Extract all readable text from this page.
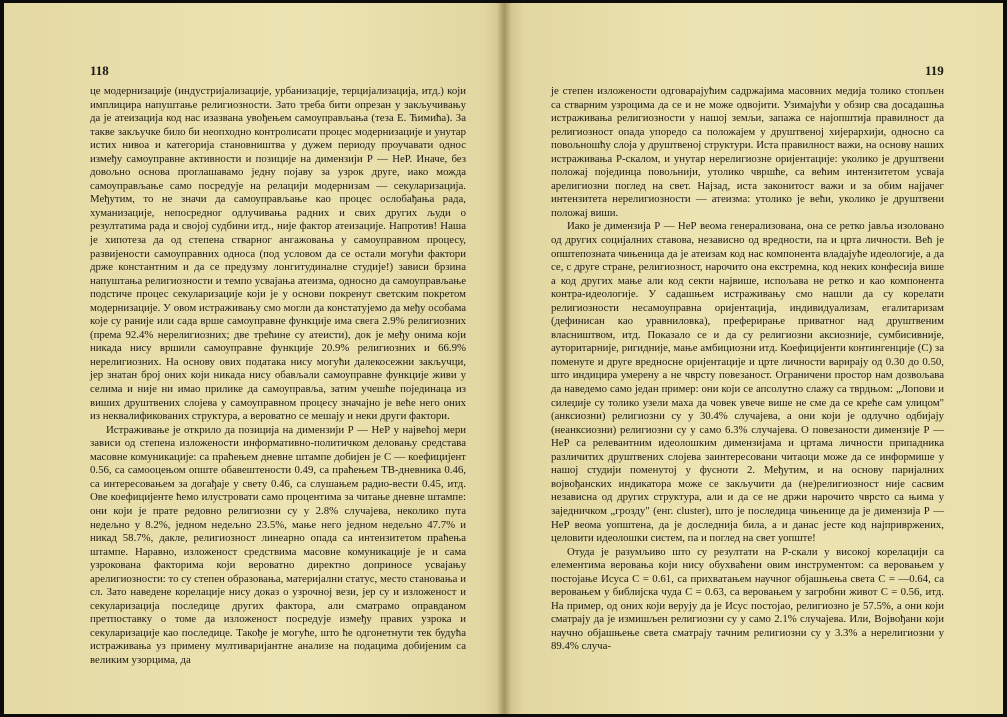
118

це модернизације (индустријализације, урбанизације, терцијализација, итд.) који имплицира напуштање религиозности. Зато треба бити опрезан у закључивању да је атеизација код нас изазвана увођењем самоуправљања (теза Е. Ћимића). За такве закључке било би неопходно контролисати процес модернизације и унутар истих нивоа и категорија становништва у дужем периоду проучавати однос између самоуправне активности и позиције на димензији Р — НеР. Иначе, без довољно основа проглашавамо једну појаву за узрок друге, иако можда самоуправљање само посредује на релацији модернизам — секуларизација. Међутим, то не значи да самоуправљање као процес ослобађања рада, хуманизације, непосредног одлучивања радних и свих других људи о резултатима рада и својој судбини итд., није фактор атеизације. Напротив! Наша је хипотеза да од степена стварног ангажовања у самоуправном процесу, развијености самоуправних односа (под условом да се остали могући фактори држе константним и да се предузму лонгитудиналне студије!) зависи брзина напуштања религиозности и темпо усвајања атеизма, односно да самоуправљање подстиче процес секуларизације који је у основи покренут светским покретом модернизације. У овом истраживању смо могли да констатујемо да међу особама које су раније или сада врше самоуправне функције има свега 2.9% религиозних (према 92.4% нерелигиозних; две трећине су атеисти), док је међу онима који никада нису вршили самоуправне функције 20.9% религиозних и 66.9% нерелигиозних. На основу ових података нису могући далекосежни закључци, јер знатан број оних који никада нису обављали самоуправне функције живи у селима и није ни имао прилике да самоуправља, затим учешће појединаца из виших друштвених слојева у самоуправном процесу значајно је веће него оних из неквалификованих структура, а вероватно се мешају и неки други фактори.

Истраживање је открило да позиција на димензији Р — НеР у највећој мери зависи од степена изложености информативно-политичком деловању средстава масовне комуникације: са праћењем дневне штампе добијен је C — коефицијент 0.56, са самооцењом опште обавештености 0.49, са праћењем ТВ-дневника 0.46, са интересовањем за догађаје у свету 0.46, са слушањем радио-вести 0.45, итд. Ове коефицијенте ћемо илустровати само процентима за читање дневне штампе: они који је прате редовно религиозни су у 2.8% случајева, неколико пута недељно у 8.2%, једном недељно 23.5%, мање него једном недељно 47.7% и никад 58.7%, дакле, религиозност линеарно опада са интензитетом праћења штампе. Наравно, изложеност средствима масовне комуникације је и сама узрокована факторима који вероватно директно доприносе усвајању арелигиозности: то су степен образовања, материјални статус, место становања и сл. Зато наведене корелације нису доказ о узрочној вези, јер су и изложеност и секуларизација последице других фактора, али сматрамо оправданом претпоставку о томе да изложеност посредује између правих узрока и секуларизације као последице. Такође је могуће, што ће одгонетнути тек будућа истраживања уз примену мултиваријантне анализе на подацима добијеним са великим узорцима, да

119

је степен изложености одговарајућим садржајима масовних медија толико стопљен са стварним узроцима да се и не може одвојити. Узимајући у обзир сва досадашња истраживања религиозности у нашој земљи, запажа се најопштија правилност да религиозност опада упоредо са положајем у друштвеној хијерархији, односно са повољношћу слоја у друштвеној структури. Иста правилност важи, на основу наших истраживања Р-скалом, и унутар нерелигиозне оријентације: уколико је друштвени положај појединца повољнији, утолико чвршће, са већим интензитетом усваја арелигиозни поглед на свет. Најзад, иста законитост важи и за обим најјачег интензитета нерелигиозности — атеизма: утолико је већи, уколико је друштвени положај виши.

Иако је димензија Р — НеР веома генерализована, она се ретко јавља изоловано од других социјалних ставова, независно од вредности, па и црта личности. Већ је општепозната чињеница да је атеизам код нас компонента владајуће идеологије, а да се, с друге стране, религиозност, нарочито она екстремна, код неких конфесија више а код других мање али код секти највише, испољава не ретко и као компонента контра-идеологије. У садашњем истраживању смо нашли да су корелати религиозности несамоуправна оријентација, индивидуализам, егалитаризам (дефинисан као уравниловка), преферирање приватног над друштвеним власништвом, итд. Показало се и да су религиозни аксиозније, сумбисивније, ауторитарније, ригидније, мање амбициозни итд. Коефицијенти контингенције (C) за поменуте и друге вредносне оријентације и црте личности варирају од 0.30 до 0.50, што индицира умерену а не чврсту повезаност. Ограничени простор нам дозвољава да наведемо само један пример: они који се апсолутно слажу са тврдњом: „Лопови и силеџије су толико узели маха да човек увече више не сме да се креће сам улицом" (анксиозни) религиозни су у 30.4% случајева, а они који је одлучно одбијају (неанксиозни) религиозни су у само 6.3% случајева. О повезаности димензије Р — НеР са релевантним идеолошким димензијама и цртама личности припадника различитих друштвених слојева заинтересовани читаоци може да се информише у нашој студији поменутој у фусноти 2. Међутим, и на основу паријалних војвођанских индикатора може се закључити да (не)религиозност није сасвим независна од других структура, али и да се не држи нарочито чврсто са њима у заједничком „грозду" (енг. cluster), што је последица чињенице да је димензија Р — НеР веома уопштена, да је доследнија била, а и данас јесте код најпривржених, целовити идеолошки систем, па и поглед на свет уопште!

Отуда је разумљиво што су резултати на Р-скали у високој корелацији са елементима веровања који нису обухваћени овим инструментом: са веровањем у постојање Исуса C = 0.61, са прихватањем научног објашњења света C = —0.64, са веровањем у библијска чуда C = 0.63, са веровањем у загробни живот C = 0.56, итд. На пример, од оних који верују да је Исус постојао, религиозно је 57.5%, а они који сматрају да је измишљен религиозни су у само 2.1% случајева. Или, Војвођани који научно објашњење света сматрају тачним религиозни су у 3.3% а нерелигиозни у 89.4% случа-
